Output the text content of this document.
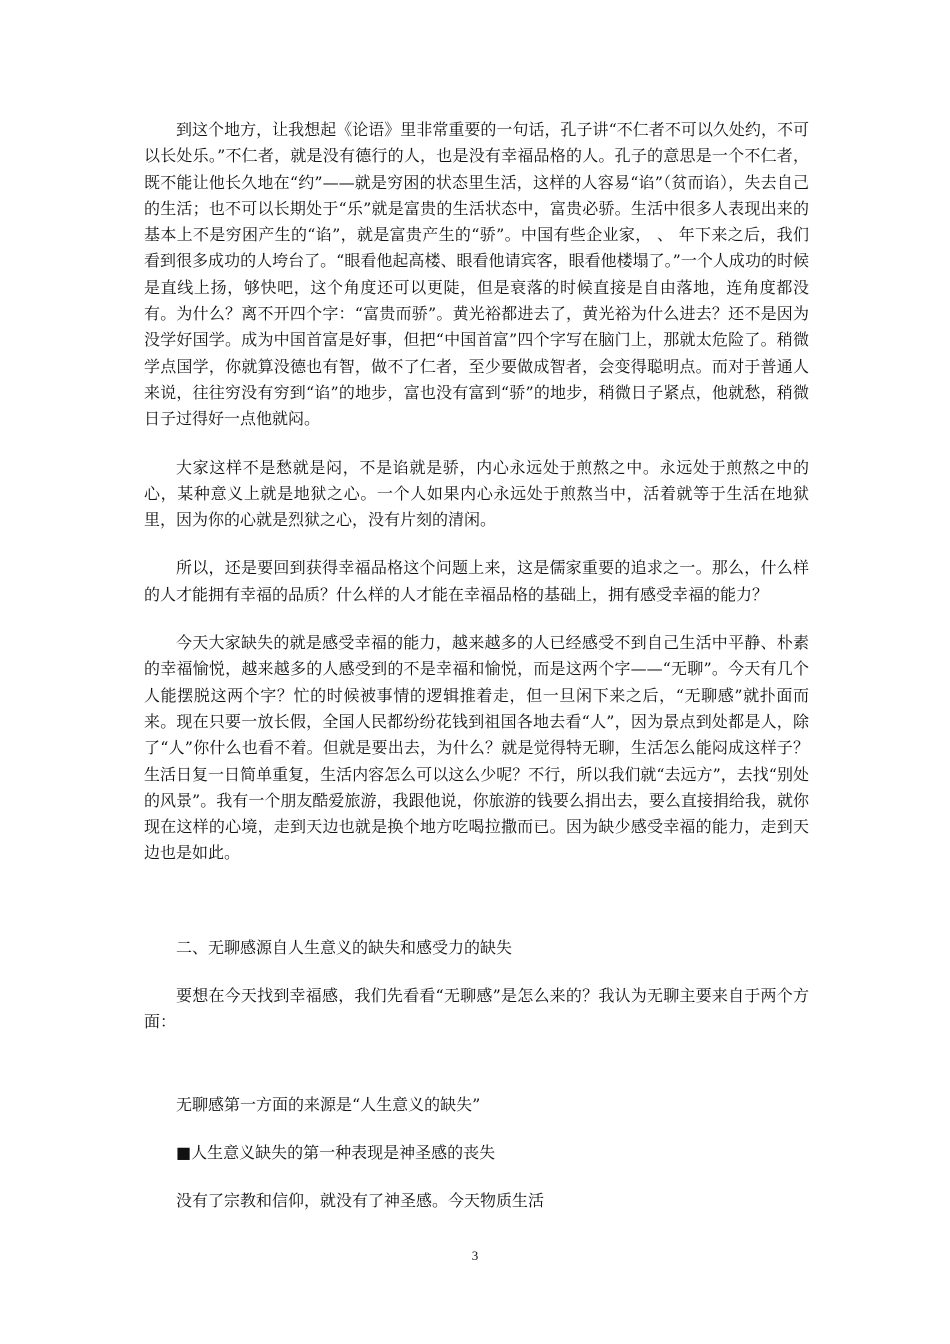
到这个地方，让我想起《论语》里非常重要的一句话，孔子讲“不仁者不可以久处约，不可以长处乐。”不仁者，就是没有德行的人，也是没有幸福品格的人。孔子的意思是一个不仁者，既不能让他长久地在“约”——就是穷困的状态里生活，这样的人容易“谄”（贫而谄），失去自己的生活；也不可以长期处于“乐”就是富贵的生活状态中，富贵必骄。生活中很多人表现出来的基本上不是穷困产生的“谄”，就是富贵产生的“骄”。中国有些企业家， 、 年下来之后，我们看到很多成功的人垮台了。“眼看他起高楼、眼看他请宾客，眼看他楼塌了。”一个人成功的时候是直线上扬，够快吧，这个角度还可以更陡，但是衰落的时候直接是自由落地，连角度都没有。为什么？离不开四个字：“富贵而骄”。黄光裕都进去了，黄光裕为什么进去？还不是因为没学好国学。成为中国首富是好事，但把“中国首富”四个字写在脑门上，那就太危险了。稍微学点国学，你就算没德也有智，做不了仁者，至少要做成智者，会变得聪明点。而对于普通人来说，往往穷没有穷到“谄”的地步，富也没有富到“骄”的地步，稍微日子紧点，他就愁，稍微日子过得好一点他就闷。

大家这样不是愁就是闷，不是谄就是骄，内心永远处于煎熬之中。永远处于煎熬之中的心，某种意义上就是地狱之心。一个人如果内心永远处于煎熬当中，活着就等于生活在地狱里，因为你的心就是烈狱之心，没有片刻的清闲。

所以，还是要回到获得幸福品格这个问题上来，这是儒家重要的追求之一。那么，什么样的人才能拥有幸福的品质？什么样的人才能在幸福品格的基础上，拥有感受幸福的能力？

今天大家缺失的就是感受幸福的能力，越来越多的人已经感受不到自己生活中平静、朴素的幸福愉悦，越来越多的人感受到的不是幸福和愉悦，而是这两个字——“无聊”。今天有几个人能摆脱这两个字？忙的时候被事情的逻辑推着走，但一旦闲下来之后，“无聊感”就扑面而来。现在只要一放长假，全国人民都纷纷花钱到祖国各地去看“人”，因为景点到处都是人，除了“人”你什么也看不着。但就是要出去，为什么？就是觉得特无聊，生活怎么能闷成这样子？生活日复一日简单重复，生活内容怎么可以这么少呢？不行，所以我们就“去远方”，去找“别处的风景”。我有一个朋友酷爱旅游，我跟他说，你旅游的钱要么捐出去，要么直接捐给我，就你现在这样的心境，走到天边也就是换个地方吃喝拉撒而已。因为缺少感受幸福的能力，走到天边也是如此。

二、无聊感源自人生意义的缺失和感受力的缺失

要想在今天找到幸福感，我们先看看“无聊感”是怎么来的？我认为无聊主要来自于两个方面：

无聊感第一方面的来源是“人生意义的缺失”

■人生意义缺失的第一种表现是神圣感的丧失

没有了宗教和信仰，就没有了神圣感。今天物质生活

3
